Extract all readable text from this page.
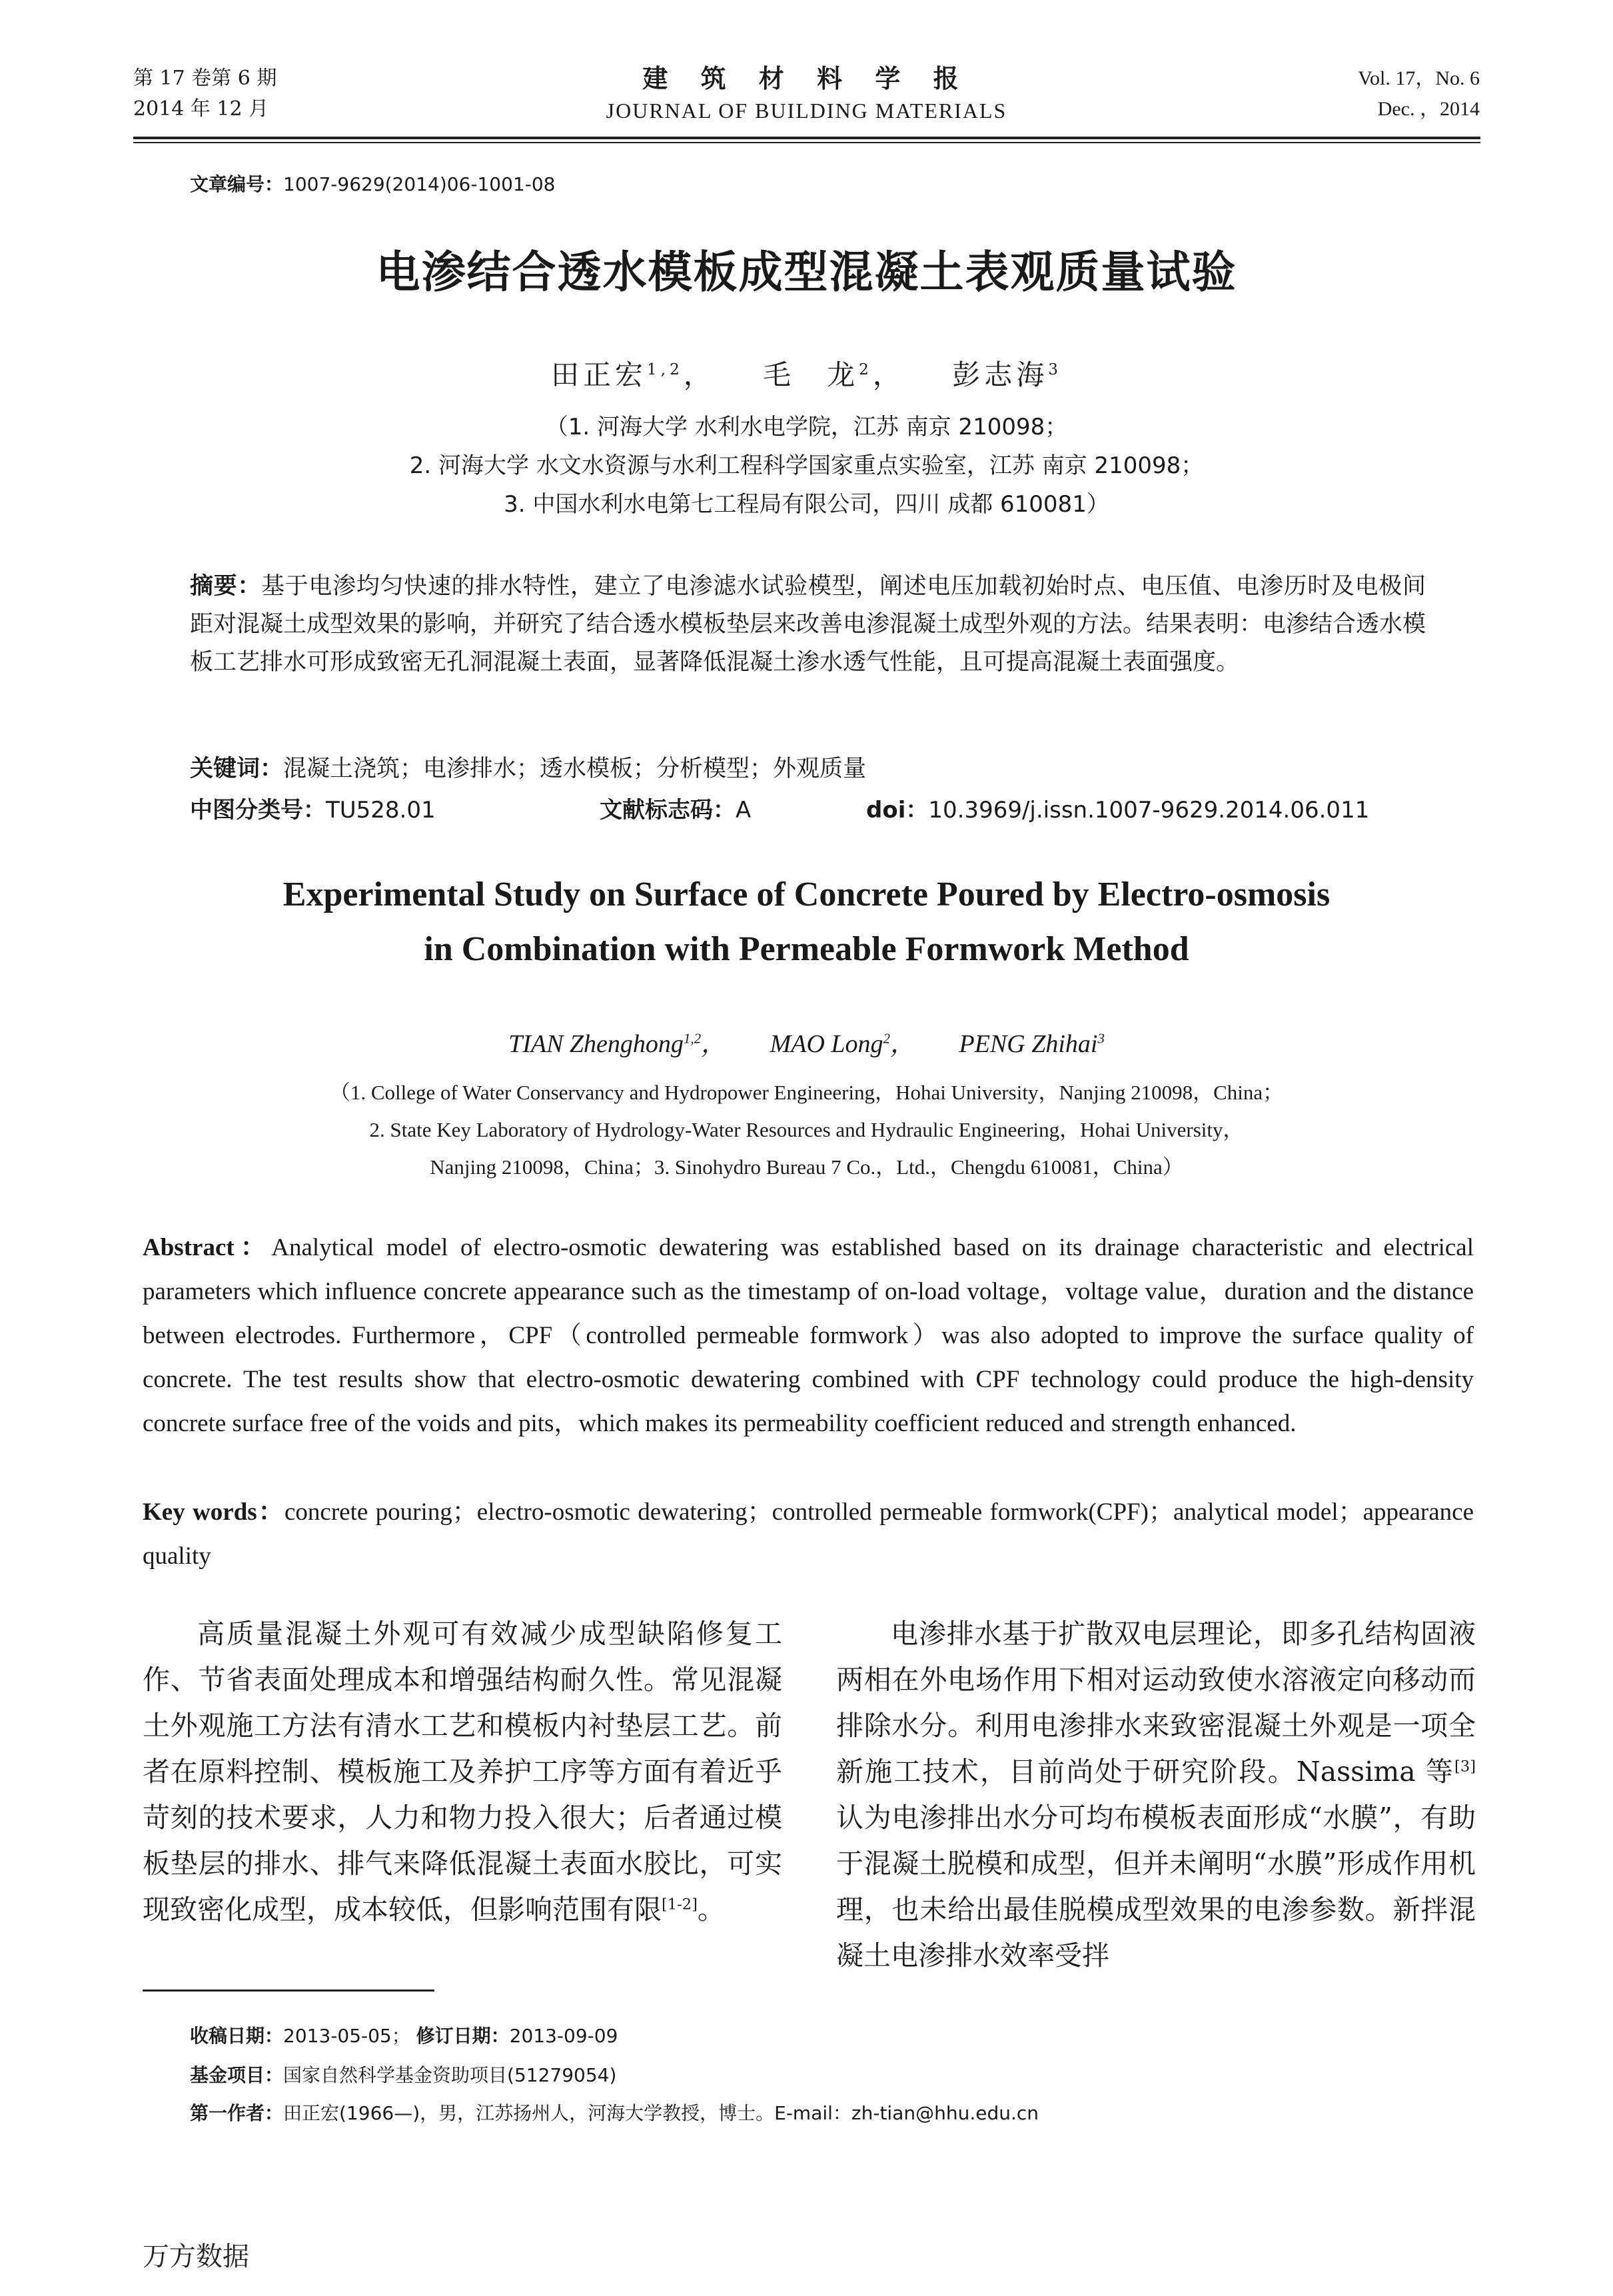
第 17 卷第 6 期
2014 年 12 月
建 筑 材 料 学 报
JOURNAL OF BUILDING MATERIALS
Vol. 17，No. 6
Dec. ，2014
文章编号：1007-9629(2014)06-1001-08
电渗结合透水模板成型混凝土表观质量试验
田正宏$^{1,2}$， 毛　龙$^2$， 彭志海$^3$
（1. 河海大学 水利水电学院，江苏 南京 210098；
2. 河海大学 水文水资源与水利工程科学国家重点实验室，江苏 南京 210098；
3. 中国水利水电第七工程局有限公司，四川 成都 610081）
摘要：基于电渗均匀快速的排水特性，建立了电渗滤水试验模型，阐述电压加载初始时点、电压值、电渗历时及电极间距对混凝土成型效果的影响，并研究了结合透水模板垫层来改善电渗混凝土成型外观的方法。结果表明：电渗结合透水模板工艺排水可形成致密无孔洞混凝土表面，显著降低混凝土渗水透气性能，且可提高混凝土表面强度。
关键词：混凝土浇筑；电渗排水；透水模板；分析模型；外观质量
中图分类号： TU528.01	文献标志码： A	doi： 10.3969/j.issn.1007-9629.2014.06.011
Experimental Study on Surface of Concrete Poured by Electro-osmosis
in Combination with Permeable Formwork Method
TIAN Zhenghong$^{1,2}$， MAO Long$^2$， PENG Zhihai$^3$
（1. College of Water Conservancy and Hydropower Engineering，Hohai University，Nanjing 210098，China；
2. State Key Laboratory of Hydrology-Water Resources and Hydraulic Engineering，Hohai University，
Nanjing 210098，China；3. Sinohydro Bureau 7 Co.，Ltd.，Chengdu 610081，China）
Abstract：Analytical model of electro-osmotic dewatering was established based on its drainage characteristic and electrical parameters which influence concrete appearance such as the timestamp of on-load voltage，voltage value，duration and the distance between electrodes. Furthermore，CPF（controlled permeable formwork）was also adopted to improve the surface quality of concrete. The test results show that electro-osmotic dewatering combined with CPF technology could produce the high-density concrete surface free of the voids and pits，which makes its permeability coefficient reduced and strength enhanced.
Key words：concrete pouring；electro-osmotic dewatering；controlled permeable formwork(CPF)；analytical model；appearance quality
高质量混凝土外观可有效减少成型缺陷修复工作、节省表面处理成本和增强结构耐久性。常见混凝土外观施工方法有清水工艺和模板内衬垫层工艺。前者在原料控制、模板施工及养护工序等方面有着近乎苛刻的技术要求，人力和物力投入很大；后者通过模板垫层的排水、排气来降低混凝土表面水胶比，可实现致密化成型，成本较低，但影响范围有限[1-2]。
电渗排水基于扩散双电层理论，即多孔结构固液两相在外电场作用下相对运动致使水溶液定向移动而排除水分。利用电渗排水来致密混凝土外观是一项全新施工技术，目前尚处于研究阶段。Nassima 等[3]认为电渗排出水分可均布模板表面形成“水膜”，有助于混凝土脱模和成型，但并未阐明“水膜”形成作用机理，也未给出最佳脱模成型效果的电渗参数。新拌混凝土电渗排水效率受拌
收稿日期：2013-05-05； 修订日期：2013-09-09
基金项目：国家自然科学基金资助项目(51279054)
第一作者：田正宏(1966—)，男，江苏扬州人，河海大学教授，博士。E-mail：zh-tian@hhu.edu.cn
万方数据
